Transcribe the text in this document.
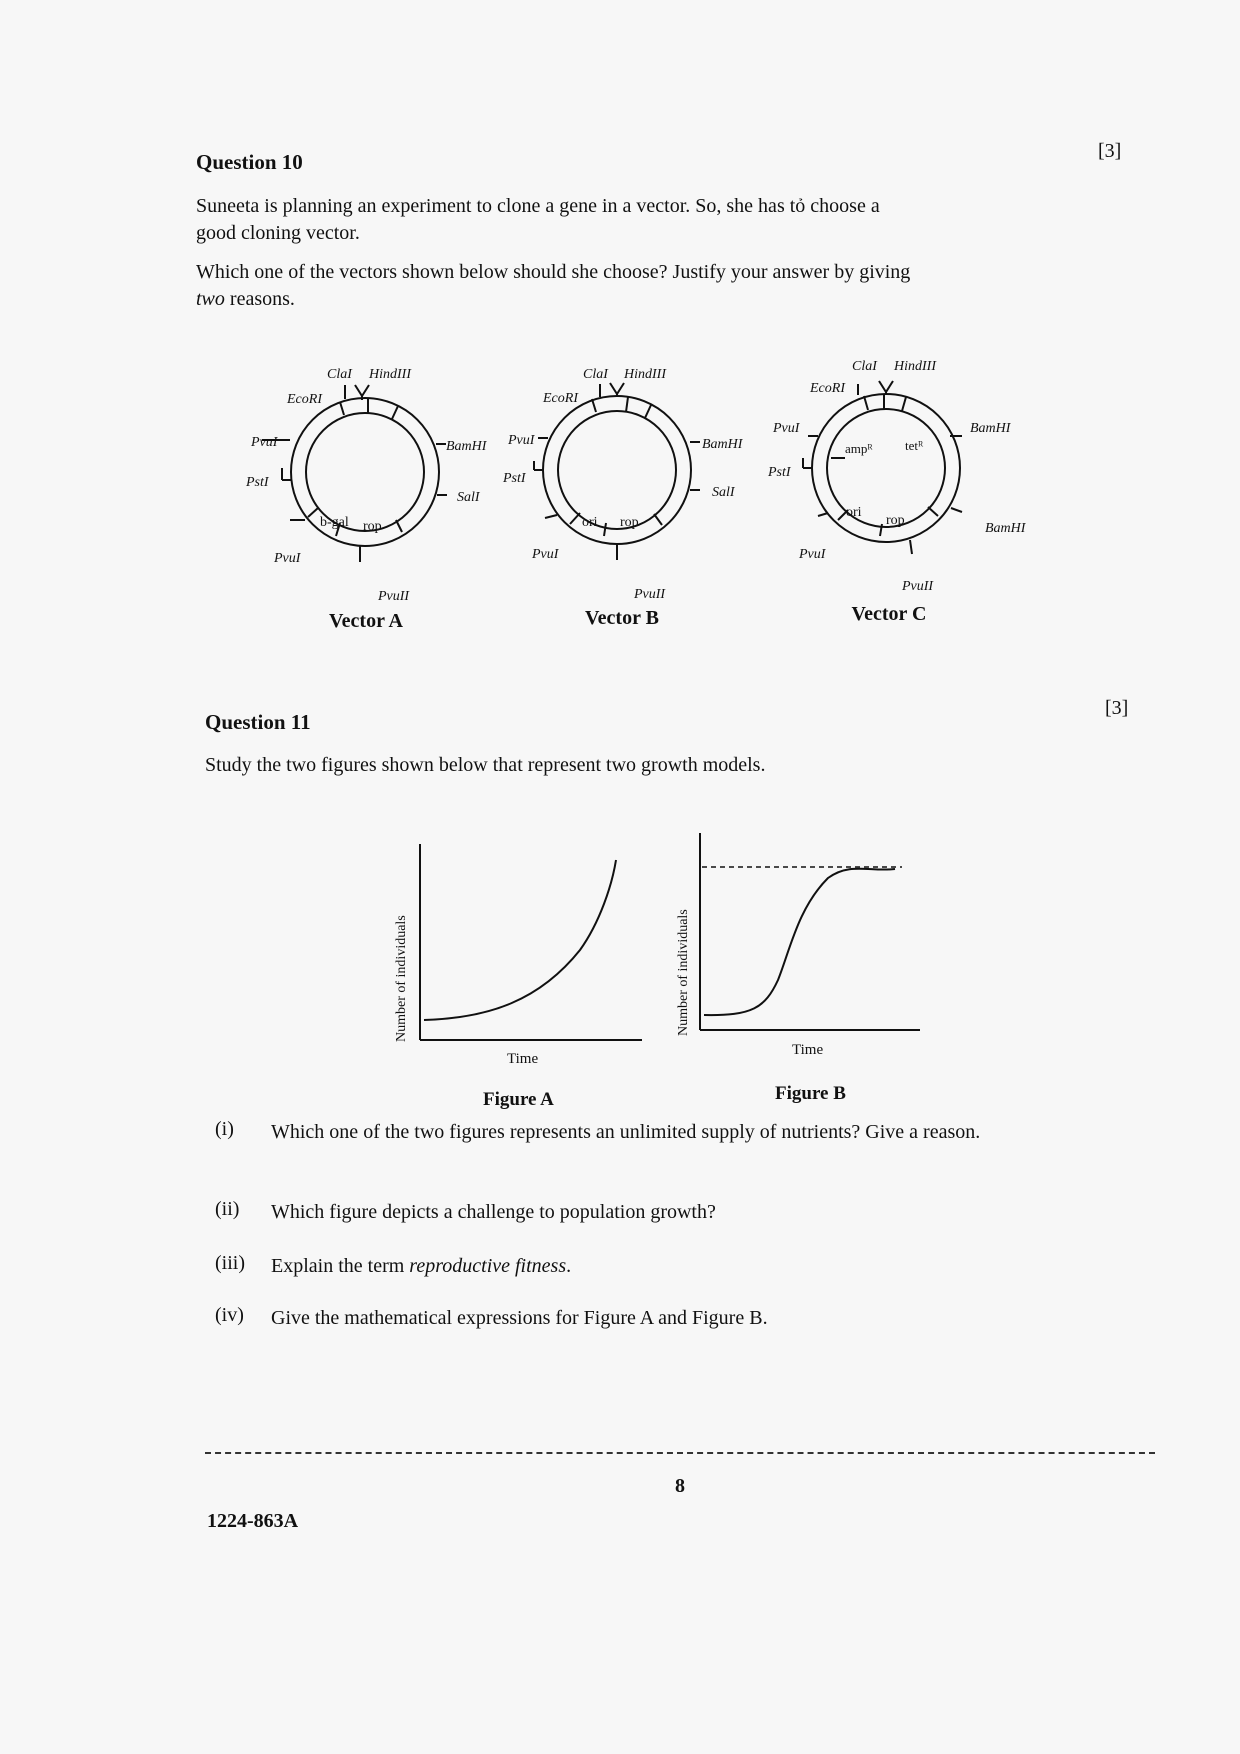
Question 10	[3]
Suneeta is planning an experiment to clone a gene in a vector. So, she has tỏ choose a
good cloning vector.
Which one of the vectors shown below should she choose? Justify your answer by giving
two reasons.
ClaI HindIII
EcoRI
PvuI
PstI
BamHI
SalI
PvuII
PvuI
b-gal rop
ClaI HindIII
EcoRI
PvuI
PstI
BamHI
SalI
PvuII
PvuI
ori rop
ClaI HindIII
EcoRI
PvuI
PstI
BamHI
BamHI
PvuII
PvuI
ampᴿ tetᴿ
ori
rop
Vector A	Vector B	Vector C
Question 11
[3]
Study the two figures shown below that represent two growth models.
Number of individuals	Number of individuals
Time
Time
Figure A	Figure B
(i) Which one of the two figures represents an unlimited supply of nutrients? Give a reason.
(ii) Which figure depicts a challenge to population growth?
(iii) Explain the term reproductive fitness.
(iv) Give the mathematical expressions for Figure A and Figure B.
8
1224-863A
